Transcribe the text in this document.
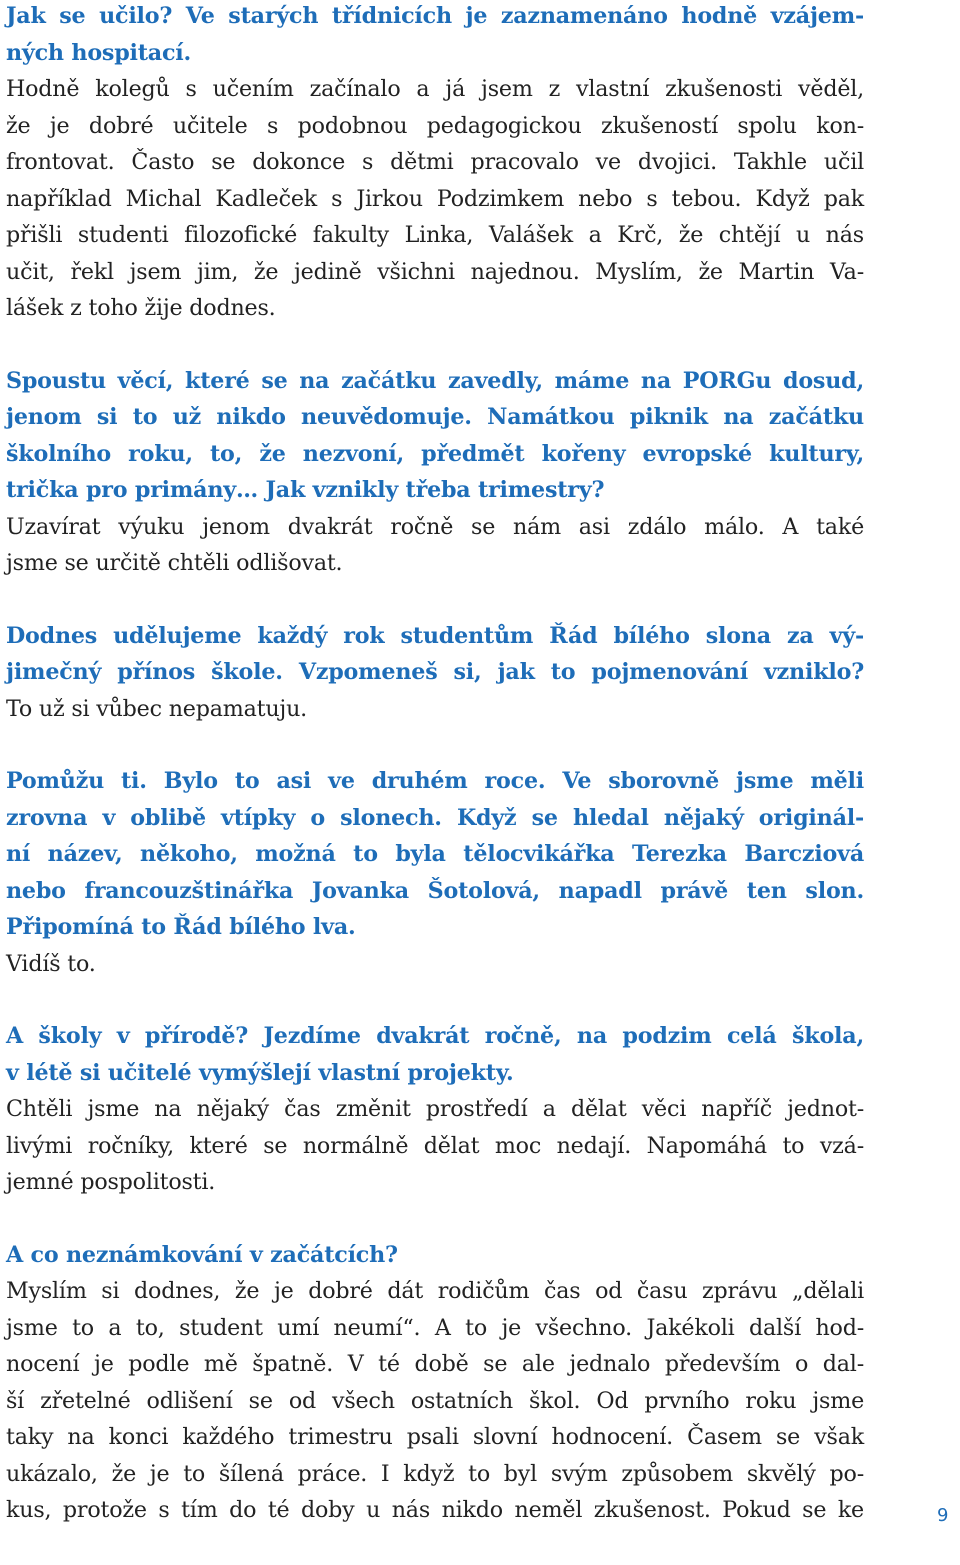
Jak se učilo? Ve starých třídnicích je zaznamenáno hodně vzájem-
ných hospitací.
Hodně kolegů s učením začínalo a já jsem z vlastní zkušenosti věděl,
že je dobré učitele s podobnou pedagogickou zkušeností spolu kon-
frontovat. Často se dokonce s dětmi pracovalo ve dvojici. Takhle učil
například Michal Kadleček s Jirkou Podzimkem nebo s tebou. Když pak
přišli studenti filozofické fakulty Linka, Valášek a Krč, že chtějí u nás
učit, řekl jsem jim, že jedině všichni najednou. Myslím, že Martin Va-
lášek z toho žije dodnes.
Spoustu věcí, které se na začátku zavedly, máme na PORGu dosud,
jenom si to už nikdo neuvědomuje. Namátkou piknik na začátku
školního roku, to, že nezvoní, předmět kořeny evropské kultury,
trička pro primány… Jak vznikly třeba trimestry?
Uzavírat výuku jenom dvakrát ročně se nám asi zdálo málo. A také
jsme se určitě chtěli odlišovat.
Dodnes udělujeme každý rok studentům Řád bílého slona za vý-
jimečný přínos škole. Vzpomeneš si, jak to pojmenování vzniklo?
To už si vůbec nepamatuju.
Pomůžu ti. Bylo to asi ve druhém roce. Ve sborovně jsme měli
zrovna v oblibě vtípky o slonech. Když se hledal nějaký originál-
ní název, někoho, možná to byla tělocvikářka Terezka Barcziová
nebo francouzštinářka Jovanka Šotolová, napadl právě ten slon.
Připomíná to Řád bílého lva.
Vidíš to.
A školy v přírodě? Jezdíme dvakrát ročně, na podzim celá škola,
v létě si učitelé vymýšlejí vlastní projekty.
Chtěli jsme na nějaký čas změnit prostředí a dělat věci napříč jednot-
livými ročníky, které se normálně dělat moc nedají. Napomáhá to vzá-
jemné pospolitosti.
A co neznámkování v začátcích?
Myslím si dodnes, že je dobré dát rodičům čas od času zprávu „dělali
jsme to a to, student umí neumí“. A to je všechno. Jakékoli další hod-
nocení je podle mě špatně. V té době se ale jednalo především o dal-
ší zřetelné odlišení se od všech ostatních škol. Od prvního roku jsme
taky na konci každého trimestru psali slovní hodnocení. Časem se však
ukázalo, že je to šílená práce. I když to byl svým způsobem skvělý po-
kus, protože s tím do té doby u nás nikdo neměl zkušenost. Pokud se ke	9
